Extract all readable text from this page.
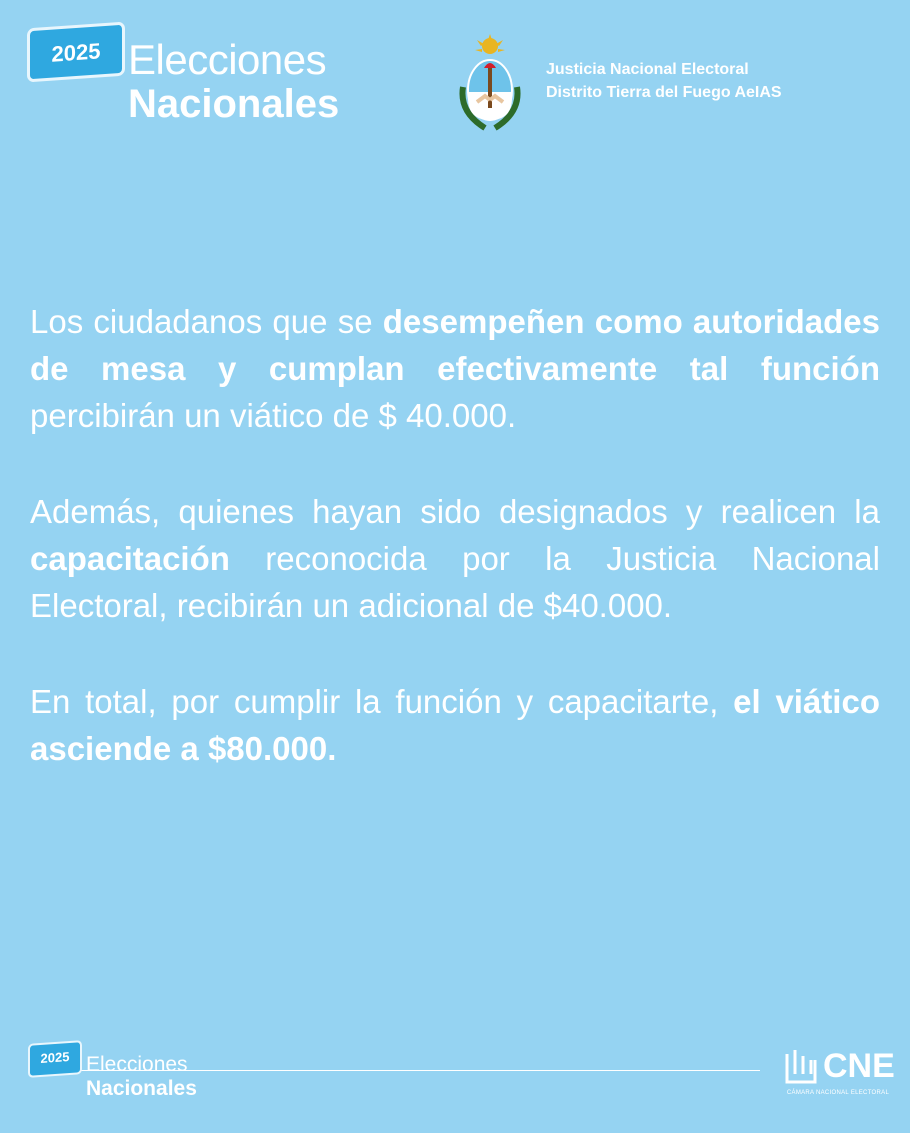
2025 Elecciones
Nacionales
Justicia Nacional Electoral
Distrito Tierra del Fuego AeIAS

Los ciudadanos que se desempeñen como autoridades de mesa y cumplan efectivamente tal función percibirán un viático de $ 40.000.

Además, quienes hayan sido designados y realicen la capacitación reconocida por la Justicia Nacional Electoral, recibirán un adicional de $40.000.

En total, por cumplir la función y capacitarte, el viático asciende a $80.000.

2025 Elecciones
Nacionales
CNE
CÁMARA NACIONAL ELECTORAL
